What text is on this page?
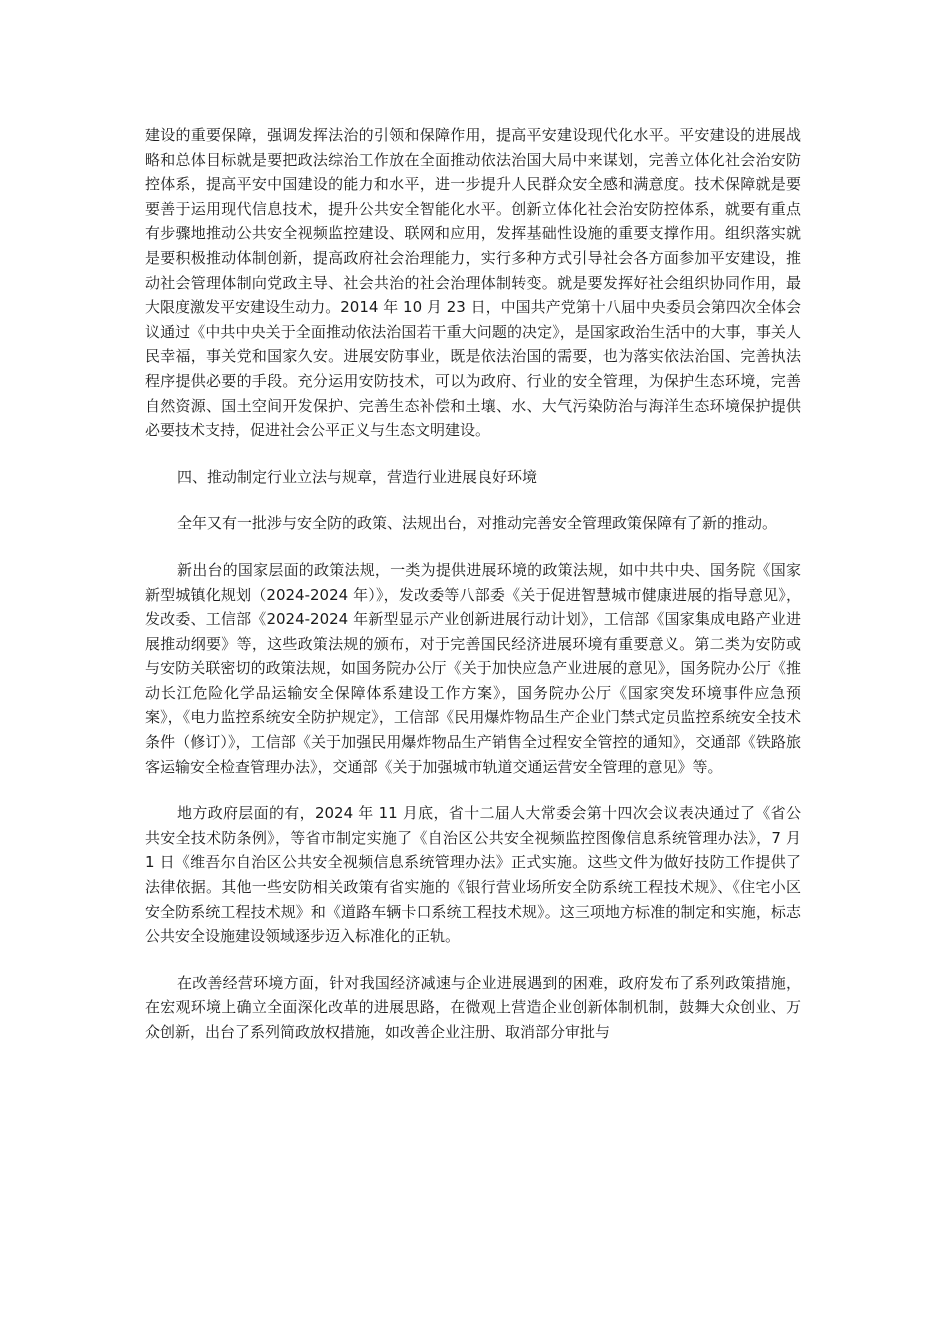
建设的重要保障，强调发挥法治的引领和保障作用，提高平安建设现代化水平。平安建设的进展战略和总体目标就是要把政法综治工作放在全面推动依法治国大局中来谋划，完善立体化社会治安防控体系，提高平安中国建设的能力和水平，进一步提升人民群众安全感和满意度。技术保障就是要要善于运用现代信息技术，提升公共安全智能化水平。创新立体化社会治安防控体系，就要有重点有步骤地推动公共安全视频监控建设、联网和应用，发挥基础性设施的重要支撑作用。组织落实就是要积极推动体制创新，提高政府社会治理能力，实行多种方式引导社会各方面参加平安建设，推动社会管理体制向党政主导、社会共治的社会治理体制转变。就是要发挥好社会组织协同作用，最大限度激发平安建设生动力。2014 年 10 月 23 日，中国共产党第十八届中央委员会第四次全体会议通过《中共中央关于全面推动依法治国若干重大问题的决定》，是国家政治生活中的大事，事关人民幸福，事关党和国家久安。进展安防事业，既是依法治国的需要，也为落实依法治国、完善执法程序提供必要的手段。充分运用安防技术，可以为政府、行业的安全管理，为保护生态环境，完善自然资源、国土空间开发保护、完善生态补偿和土壤、水、大气污染防治与海洋生态环境保护提供必要技术支持，促进社会公平正义与生态文明建设。

四、推动制定行业立法与规章，营造行业进展良好环境

全年又有一批涉与安全防的政策、法规出台，对推动完善安全管理政策保障有了新的推动。

新出台的国家层面的政策法规，一类为提供进展环境的政策法规，如中共中央、国务院《国家新型城镇化规划（2024-2024 年）》，发改委等八部委《关于促进智慧城市健康进展的指导意见》，发改委、工信部《2024-2024 年新型显示产业创新进展行动计划》，工信部《国家集成电路产业进展推动纲要》等，这些政策法规的颁布，对于完善国民经济进展环境有重要意义。第二类为安防或与安防关联密切的政策法规，如国务院办公厅《关于加快应急产业进展的意见》，国务院办公厅《推动长江危险化学品运输安全保障体系建设工作方案》，国务院办公厅《国家突发环境事件应急预案》，《电力监控系统安全防护规定》，工信部《民用爆炸物品生产企业门禁式定员监控系统安全技术条件（修订）》，工信部《关于加强民用爆炸物品生产销售全过程安全管控的通知》，交通部《铁路旅客运输安全检查管理办法》，交通部《关于加强城市轨道交通运营安全管理的意见》等。

地方政府层面的有，2024 年 11 月底，省十二届人大常委会第十四次会议表决通过了《省公共安全技术防条例》，等省市制定实施了《自治区公共安全视频监控图像信息系统管理办法》，7 月 1 日《维吾尔自治区公共安全视频信息系统管理办法》正式实施。这些文件为做好技防工作提供了法律依据。其他一些安防相关政策有省实施的《银行营业场所安全防系统工程技术规》、《住宅小区安全防系统工程技术规》和《道路车辆卡口系统工程技术规》。这三项地方标准的制定和实施，标志公共安全设施建设领域逐步迈入标准化的正轨。

在改善经营环境方面，针对我国经济减速与企业进展遇到的困难，政府发布了系列政策措施，在宏观环境上确立全面深化改革的进展思路，在微观上营造企业创新体制机制，鼓舞大众创业、万众创新，出台了系列简政放权措施，如改善企业注册、取消部分审批与
